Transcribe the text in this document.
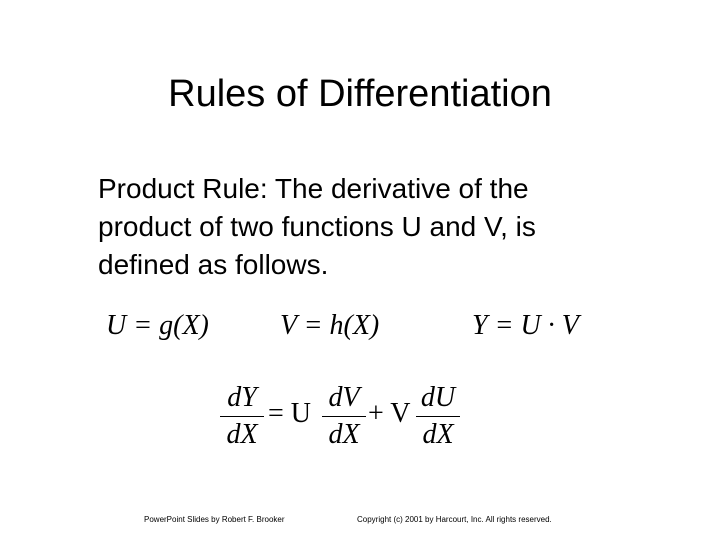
Rules of Differentiation
Product Rule: The derivative of the
product of two functions U and V, is
defined as follows.
U = g(X)	V = h(X)	Y = U · V
dY
dX
= U
dV
dX
+ V
dU
dX
PowerPoint Slides by Robert F. Brooker	Copyright (c) 2001 by Harcourt, Inc. All rights reserved.
